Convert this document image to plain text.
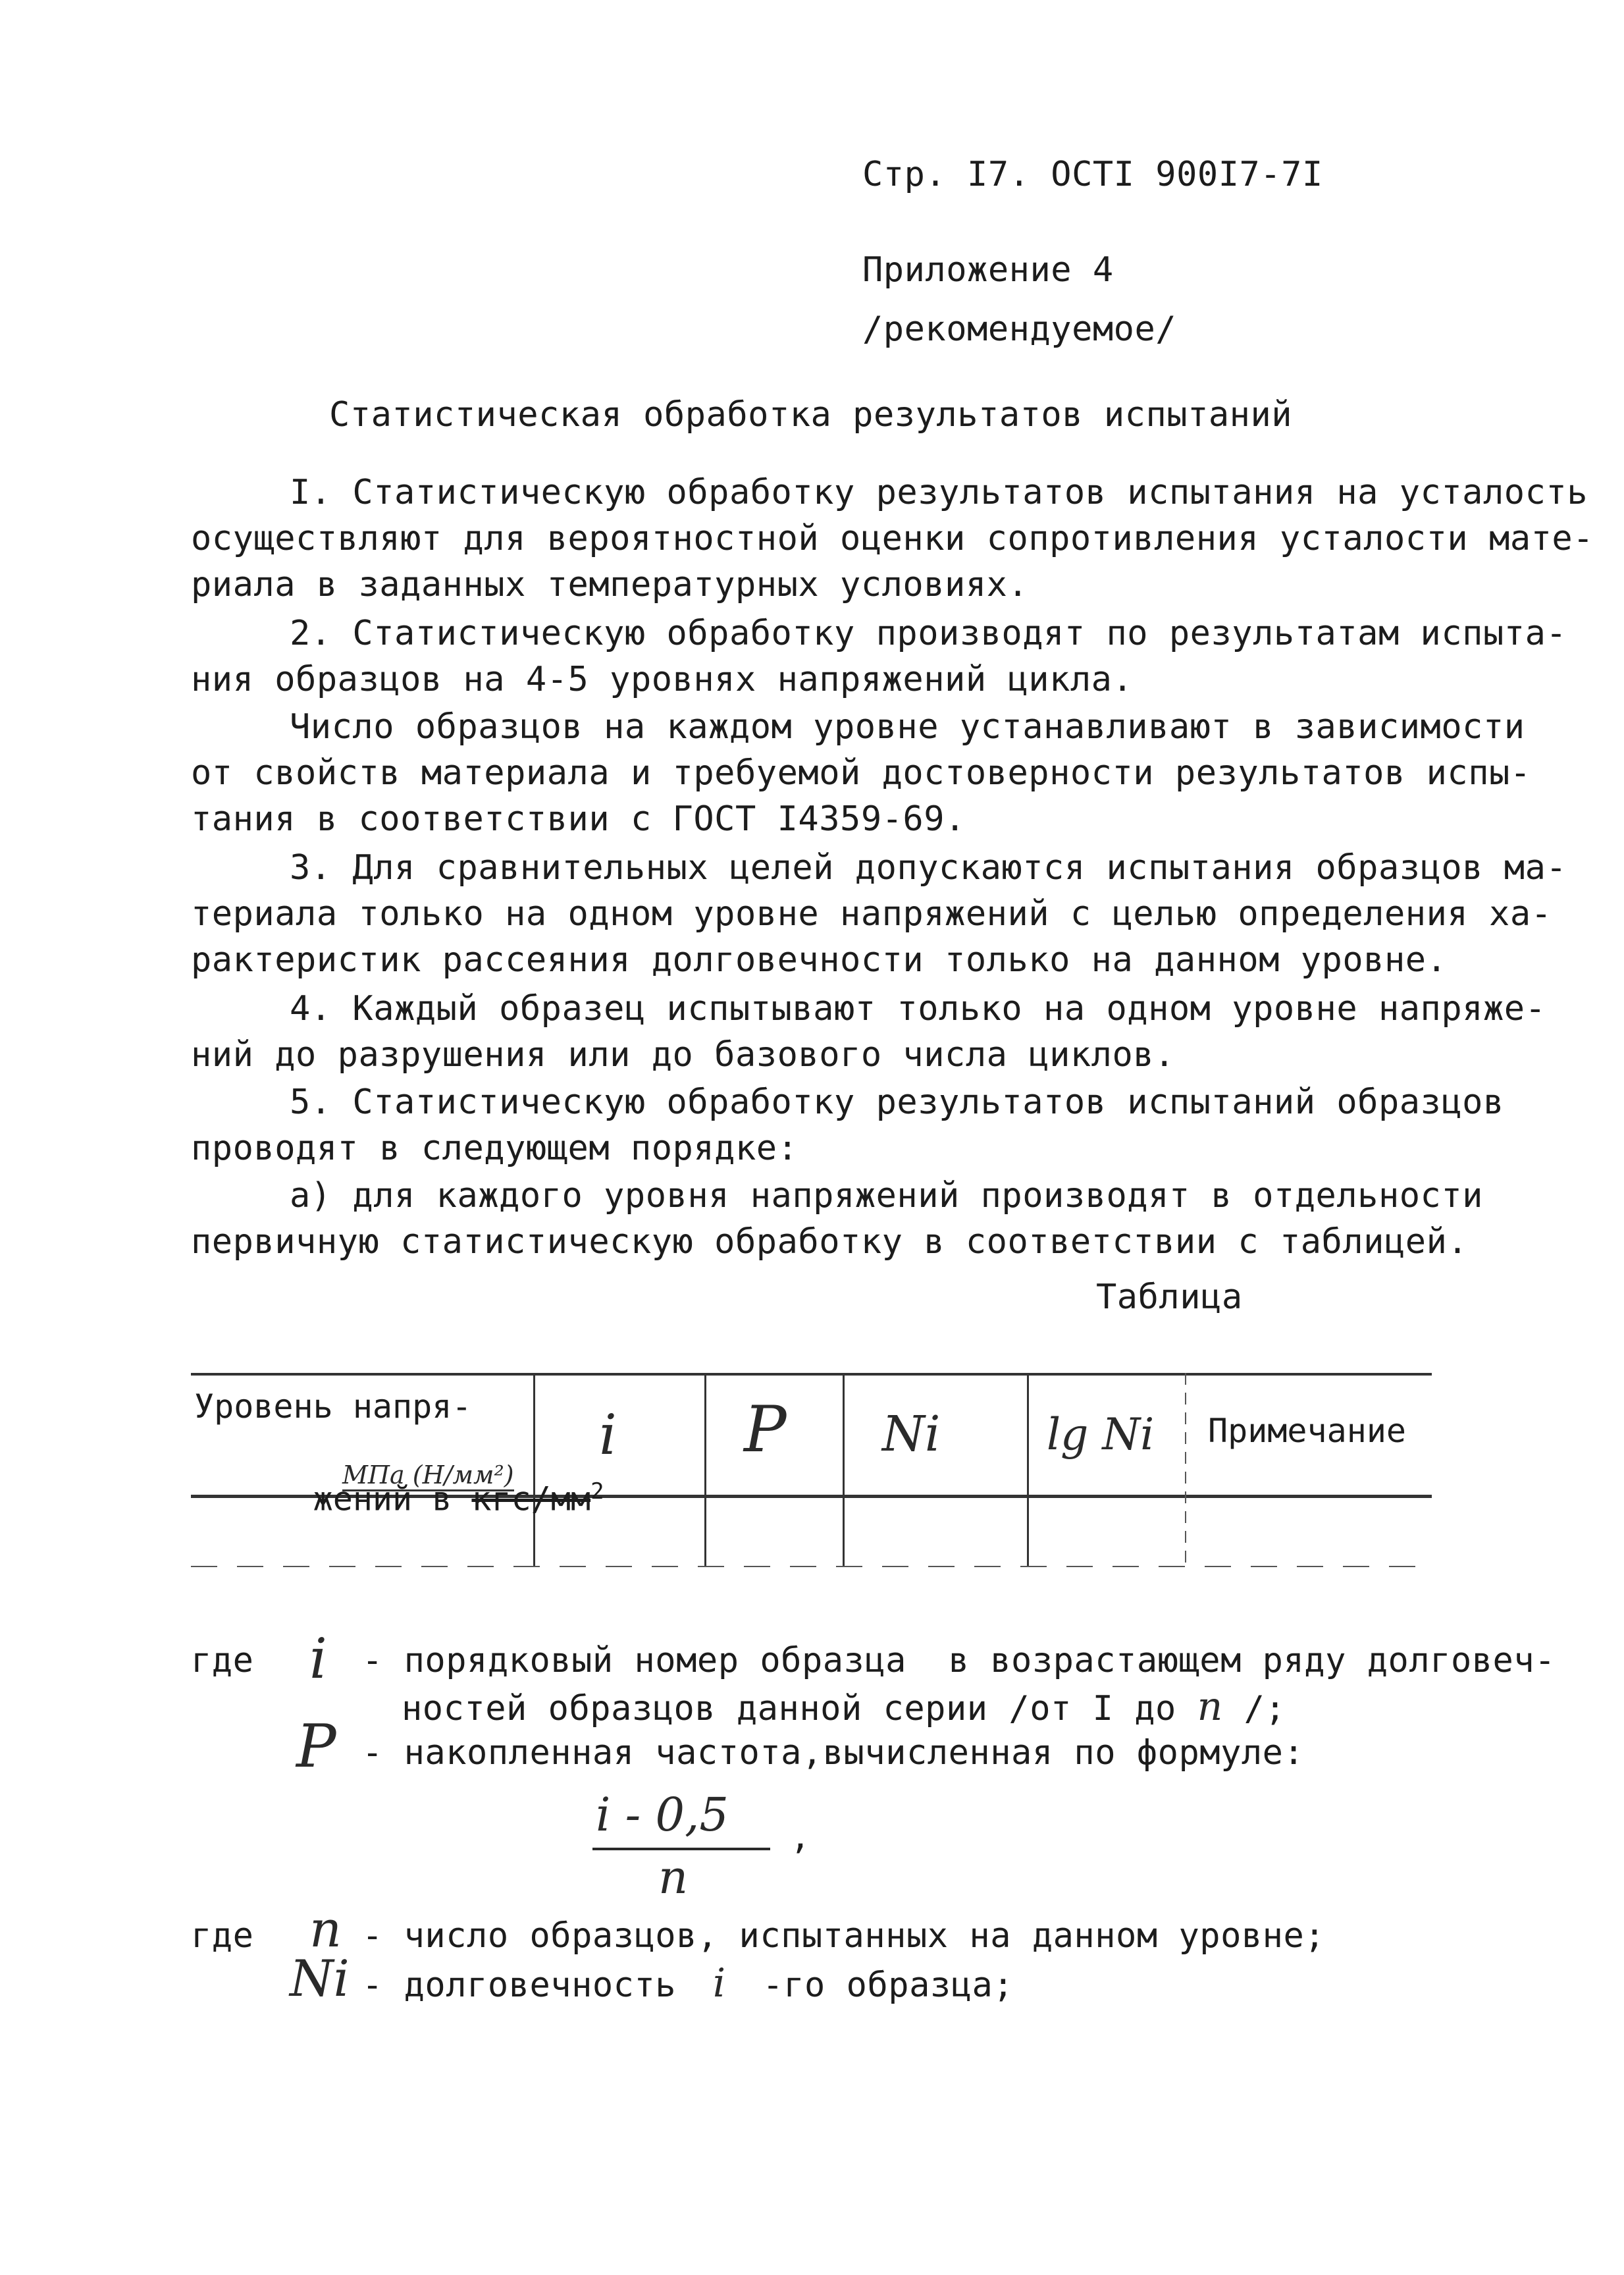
Стр. I7. ОСТI 900I7-7I
Приложение 4
/рекомендуемое/
Статистическая обработка результатов испытаний
I. Статистическую обработку результатов испытания на усталость
осуществляют для вероятностной оценки сопротивления усталости мате-
риала в заданных температурных условиях.
2. Статистическую обработку производят по результатам испыта-
ния образцов на 4-5 уровнях напряжений цикла.
Число образцов на каждом уровне устанавливают в зависимости
от свойств материала и требуемой достоверности результатов испы-
тания в соответствии с ГОСТ I4359-69.
3. Для сравнительных целей допускаются испытания образцов ма-
териала только на одном уровне напряжений с целью определения ха-
рактеристик рассеяния долговечности только на данном уровне.
4. Каждый образец испытывают только на одном уровне напряже-
ний до разрушения или до базового числа циклов.
5. Статистическую обработку результатов испытаний образцов
проводят в следующем порядке:
а) для каждого уровня напряжений производят в отдельности
первичную статистическую обработку в соответствии с таблицей.
Таблица
Уровень напря-

жений в кгс/$мм^2$

МПа (Н/мм²)
i P Ni lg Ni Примечание
где i - порядковый номер образца  в возрастающем ряду долговеч-
ностей образцов данной серии /от I до n /;
P - накопленная частота,вычисленная по формуле:
i - 0,5
n
,
где n - число образцов, испытанных на данном уровне;
Ni - долговечность i -го образца;
